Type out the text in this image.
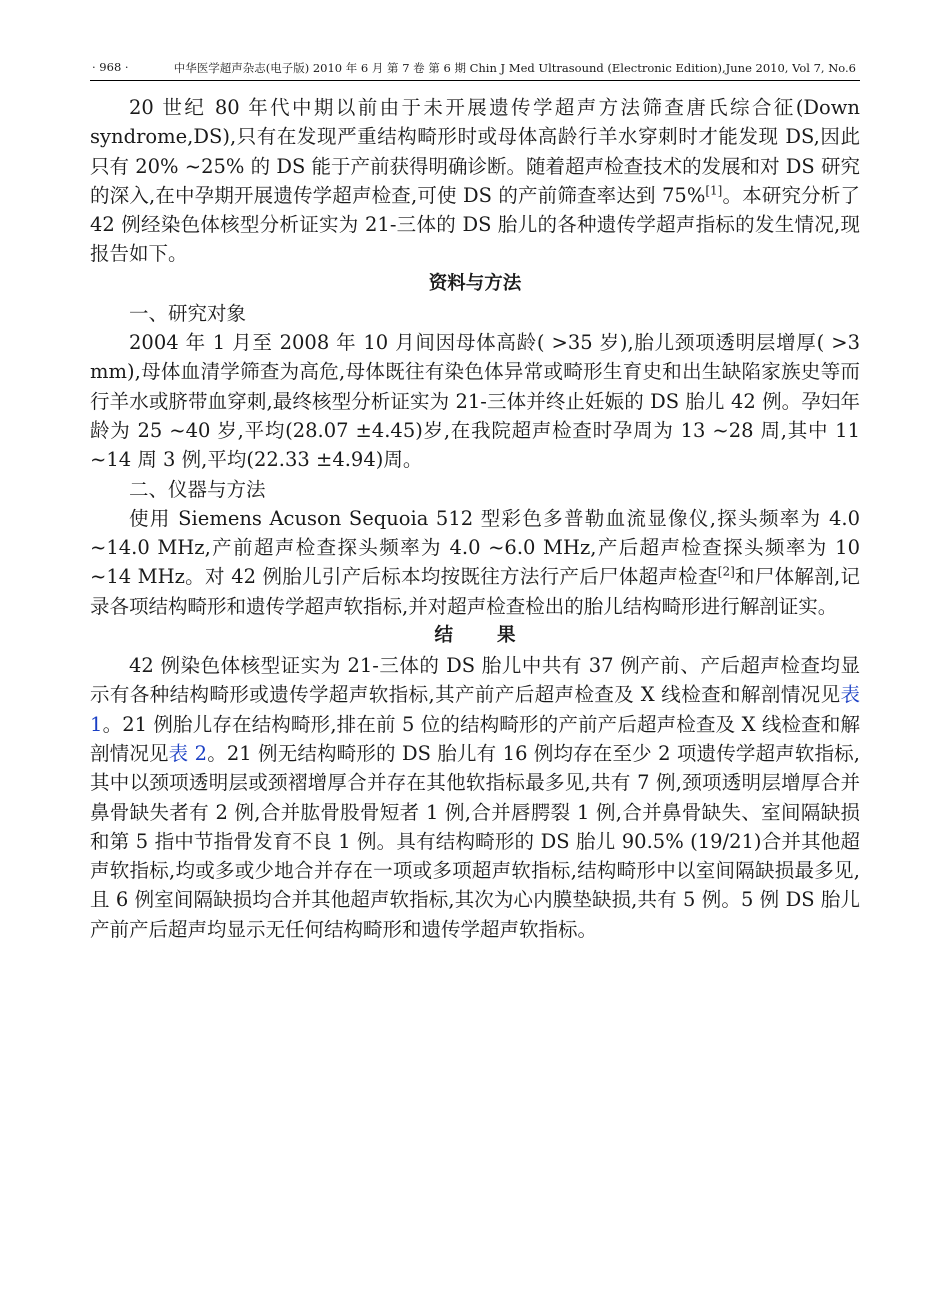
· 968 ·	中华医学超声杂志(电子版) 2010 年 6 月 第 7 卷 第 6 期 Chin J Med Ultrasound (Electronic Edition),June 2010, Vol 7, No.6

20 世纪 80 年代中期以前由于未开展遗传学超声方法筛查唐氏综合征(Down syndrome,DS),只有在发现严重结构畸形时或母体高龄行羊水穿刺时才能发现 DS,因此只有 20% ~25% 的 DS 能于产前获得明确诊断。随着超声检查技术的发展和对 DS 研究的深入,在中孕期开展遗传学超声检查,可使 DS 的产前筛查率达到 75%[1]。本研究分析了 42 例经染色体核型分析证实为 21-三体的 DS 胎儿的各种遗传学超声指标的发生情况,现报告如下。

资料与方法

一、研究对象

2004 年 1 月至 2008 年 10 月间因母体高龄( >35 岁),胎儿颈项透明层增厚( >3 mm),母体血清学筛查为高危,母体既往有染色体异常或畸形生育史和出生缺陷家族史等而行羊水或脐带血穿刺,最终核型分析证实为 21-三体并终止妊娠的 DS 胎儿 42 例。孕妇年龄为 25 ~40 岁,平均(28.07 ±4.45)岁,在我院超声检查时孕周为 13 ~28 周,其中 11 ~14 周 3 例,平均(22.33 ±4.94)周。

二、仪器与方法

使用 Siemens Acuson Sequoia 512 型彩色多普勒血流显像仪,探头频率为 4.0 ~14.0 MHz,产前超声检查探头频率为 4.0 ~6.0 MHz,产后超声检查探头频率为 10 ~14 MHz。对 42 例胎儿引产后标本均按既往方法行产后尸体超声检查[2]和尸体解剖,记录各项结构畸形和遗传学超声软指标,并对超声检查检出的胎儿结构畸形进行解剖证实。

结 果

42 例染色体核型证实为 21-三体的 DS 胎儿中共有 37 例产前、产后超声检查均显示有各种结构畸形或遗传学超声软指标,其产前产后超声检查及 X 线检查和解剖情况见表 1。21 例胎儿存在结构畸形,排在前 5 位的结构畸形的产前产后超声检查及 X 线检查和解剖情况见表 2。21 例无结构畸形的 DS 胎儿有 16 例均存在至少 2 项遗传学超声软指标,其中以颈项透明层或颈褶增厚合并存在其他软指标最多见,共有 7 例,颈项透明层增厚合并鼻骨缺失者有 2 例,合并肱骨股骨短者 1 例,合并唇腭裂 1 例,合并鼻骨缺失、室间隔缺损和第 5 指中节指骨发育不良 1 例。具有结构畸形的 DS 胎儿 90.5% (19/21)合并其他超声软指标,均或多或少地合并存在一项或多项超声软指标,结构畸形中以室间隔缺损最多见,且 6 例室间隔缺损均合并其他超声软指标,其次为心内膜垫缺损,共有 5 例。5 例 DS 胎儿产前产后超声均显示无任何结构畸形和遗传学超声软指标。
